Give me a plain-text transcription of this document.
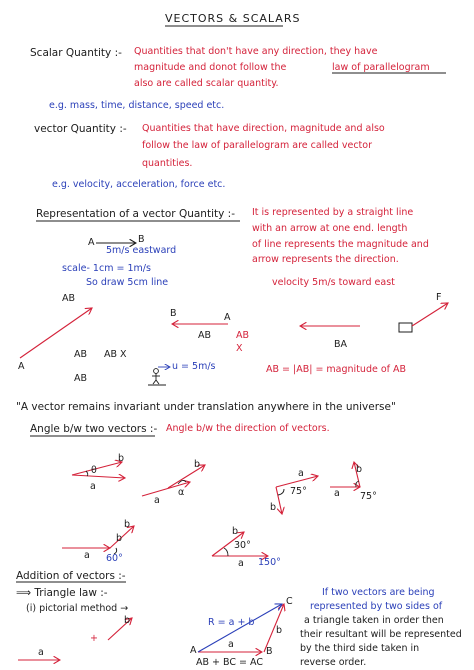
VECTORS & SCALARS
Scalar Quantity :- Quantities that don't have any direction, they have
magnitude and donot follow the	law of parallelogram
also are called scalar quantity.
e.g. mass, time, distance, speed etc.
vector Quantity :- Quantities that have direction, magnitude and also
follow the law of parallelogram are called vector
quantities.
e.g. velocity, acceleration, force etc.
Representation of a vector Quantity :- It is represented by a straight line
with an arrow at one end. length
of line represents the magnitude and
arrow represents the direction.
A	B
5m/s eastward
scale- 1cm = 1m/s
So draw 5cm line	velocity 5m/s toward east
F
AB
B	A
AB	AB
X	BA
AB AB X
A	u = 5m/s	AB = |AB| = magnitude of AB
AB
"A vector remains invariant under translation anywhere in the universe"
Angle b/w two vectors :- Angle b/w the direction of vectors.
b
θ
a
b
α
a
a
75°
b
b
a 75°
b
b
a 60°
b
30°
a 150°
Addition of vectors :-
⟹ Triangle law :-
(i) pictorial method →
+
b
a
C
A	B
R = a + b
b
a
AB + BC = AC
If two vectors are being
represented by two sides of
a triangle taken in order then
their resultant will be represented
by the third side taken in
reverse order.
